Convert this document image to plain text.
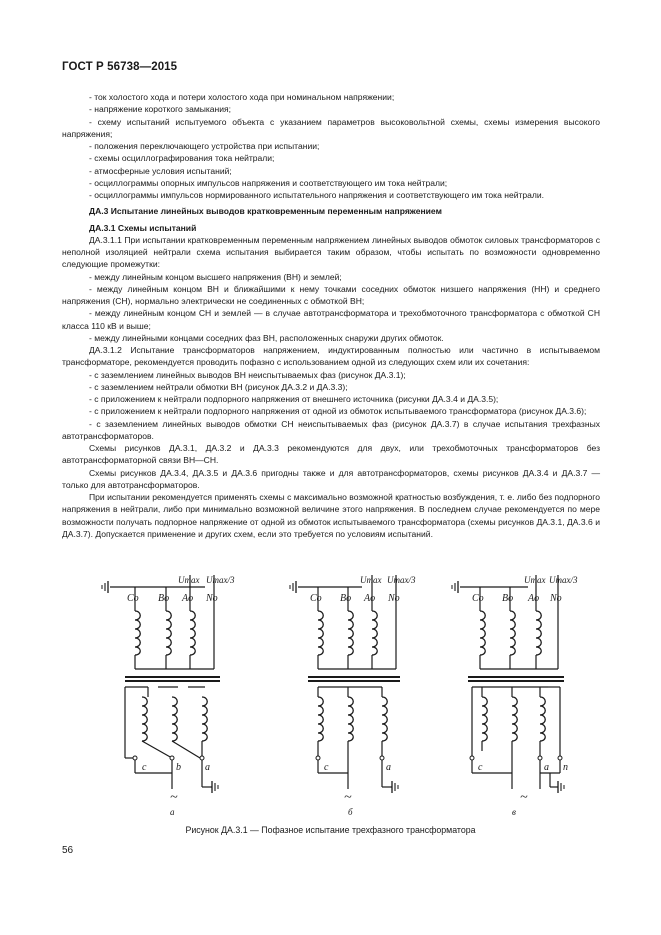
ГОСТ Р 56738—2015

- ток холостого хода и потери холостого хода при номинальном напряжении;

- напряжение короткого замыкания;

- схему испытаний испытуемого объекта с указанием параметров высоковольтной схемы, схемы измерения высокого напряжения;

- положения переключающего устройства при испытании;

- схемы осциллографирования тока нейтрали;

- атмосферные условия испытаний;

- осциллограммы опорных импульсов напряжения и соответствующего им тока нейтрали;

- осциллограммы импульсов нормированного испытательного напряжения и соответствующего им тока нейтрали.

ДА.3 Испытание линейных выводов кратковременным переменным напряжением

ДА.3.1 Схемы испытаний

ДА.3.1.1 При испытании кратковременным переменным напряжением линейных выводов обмоток силовых трансформаторов с неполной изоляцией нейтрали схема испытания выбирается таким образом, чтобы испытать по возможности одновременно следующие промежутки:

- между линейным концом высшего напряжения (ВН) и землей;

- между линейным концом ВН и ближайшими к нему точками соседних обмоток низшего напряжения (НН) и среднего напряжения (СН), нормально электрически не соединенных с обмоткой ВН;

- между линейным концом СН и землей — в случае автотрансформатора и трехобмоточного трансформатора с обмоткой СН класса 110 кВ и выше;

- между линейными концами соседних фаз ВН, расположенных снаружи других обмоток.

ДА.3.1.2 Испытание трансформаторов напряжением, индуктированным полностью или частично в испытываемом трансформаторе, рекомендуется проводить пофазно с использованием одной из следующих схем или их сочетания:

- с заземлением линейных выводов ВН неиспытываемых фаз (рисунок ДА.3.1);

- с заземлением нейтрали обмотки ВН (рисунок ДА.3.2 и ДА.3.3);

- с приложением к нейтрали подпорного напряжения от внешнего источника (рисунки ДА.3.4 и ДА.3.5);

- с приложением к нейтрали подпорного напряжения от одной из обмоток испытываемого трансформатора (рисунок ДА.3.6);

- с заземлением линейных выводов обмотки СН неиспытываемых фаз (рисунок ДА.3.7) в случае испытания трехфазных автотрансформаторов.

Схемы рисунков ДА.3.1, ДА.3.2 и ДА.3.3 рекомендуются для двух, или трехобмоточных трансформаторов без автотрансформаторной связи ВН—СН.

Схемы рисунков ДА.3.4, ДА.3.5 и ДА.3.6 пригодны также и для автотрансформаторов, схемы рисунков ДА.3.4 и ДА.3.7 — только для автотрансформаторов.

При испытании рекомендуется применять схемы с максимально возможной кратностью возбуждения, т. е. либо без подпорного напряжения в нейтрали, либо при минимально возможной величине этого напряжения. В последнем случае рекомендуется по мере возможности получать подпорное напряжение от одной из обмоток испытываемого трансформатора (схемы рисунков ДА.3.1, ДА.3.6 и ДА.3.7). Допускается применение и других схем, если это требуется по условиям испытаний.

Co Bo Ao No
Umax Umax/3
c	b a
~
а
Co Bo Ao No
Umax Umax/3
c	a
~
б
Co Bo Ao No
Umax Umax/3
c	a n
~
в
Рисунок ДА.3.1 — Пофазное испытание трехфазного трансформатора
56
